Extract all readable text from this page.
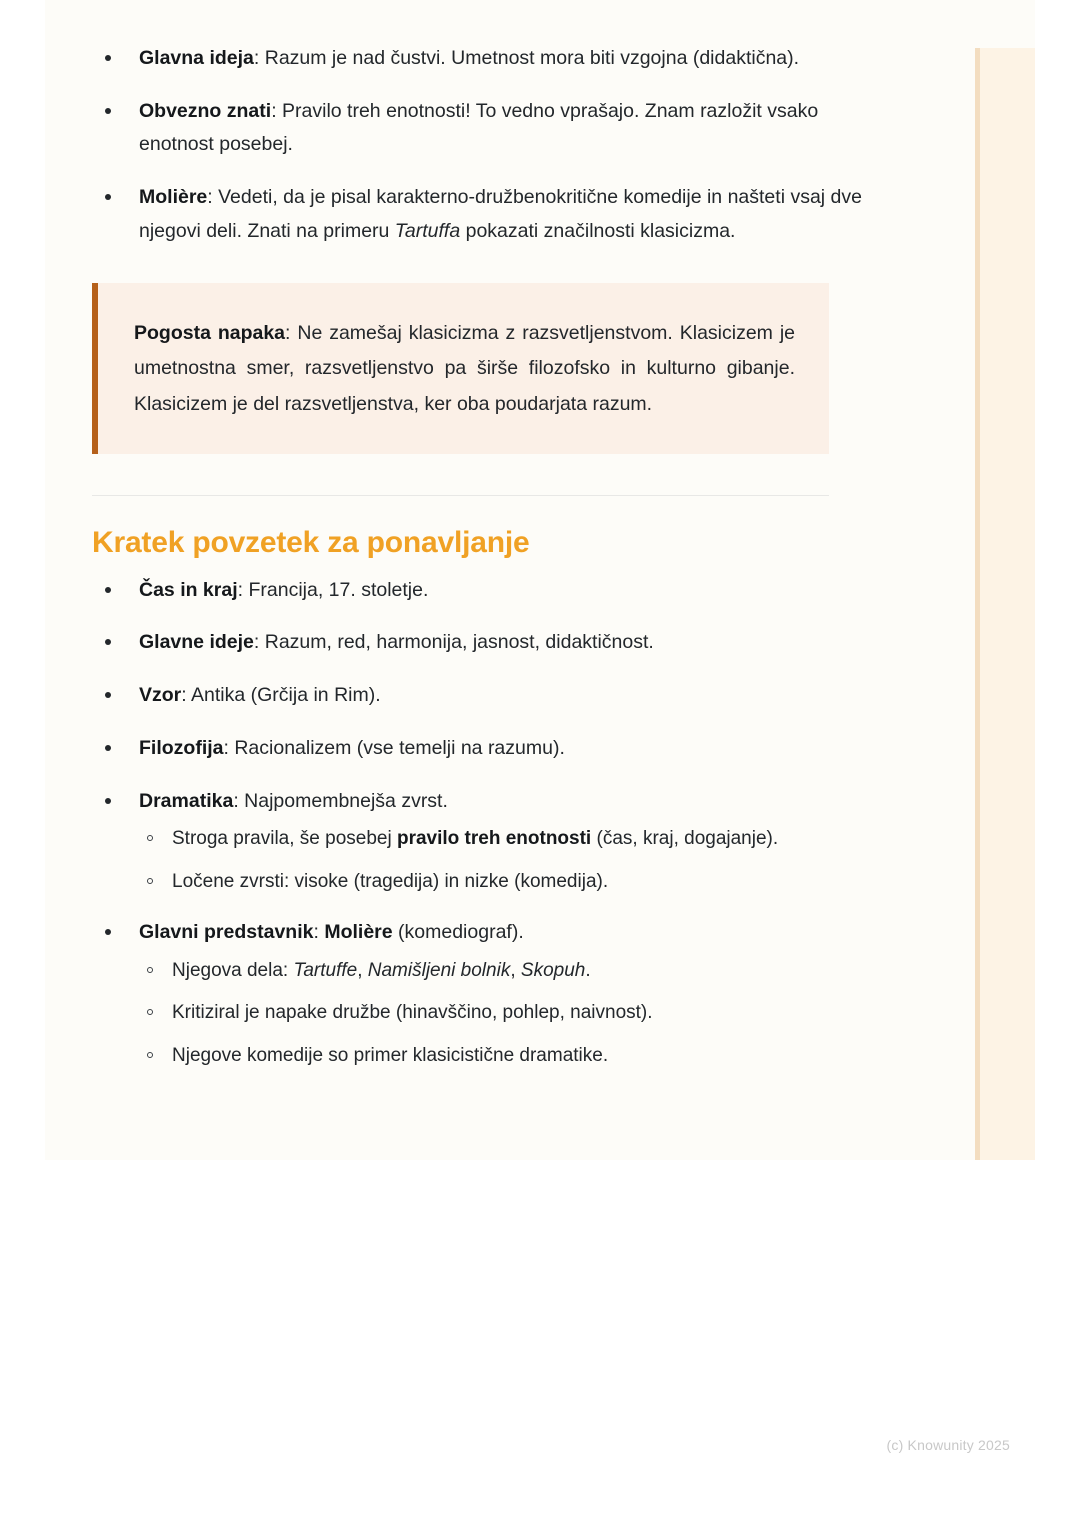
Glavna ideja: Razum je nad čustvi. Umetnost mora biti vzgojna (didaktična).
Obvezno znati: Pravilo treh enotnosti! To vedno vprašajo. Znam razložit vsako enotnost posebej.
Molière: Vedeti, da je pisal karakterno-družbenokritične komedije in našteti vsaj dve njegovi deli. Znati na primeru Tartuffa pokazati značilnosti klasicizma.

Pogosta napaka: Ne zamešaj klasicizma z razsvetljenstvom. Klasicizem je umetnostna smer, razsvetljenstvo pa širše filozofsko in kulturno gibanje. Klasicizem je del razsvetljenstva, ker oba poudarjata razum.

Kratek povzetek za ponavljanje
Čas in kraj: Francija, 17. stoletje.
Glavne ideje: Razum, red, harmonija, jasnost, didaktičnost.
Vzor: Antika (Grčija in Rim).
Filozofija: Racionalizem (vse temelji na razumu).
Dramatika: Najpomembnejša zvrst.
Stroga pravila, še posebej pravilo treh enotnosti (čas, kraj, dogajanje).
Ločene zvrsti: visoke (tragedija) in nizke (komedija).
Glavni predstavnik: Molière (komediograf).
Njegova dela: Tartuffe, Namišljeni bolnik, Skopuh.
Kritiziral je napake družbe (hinavščino, pohlep, naivnost).
Njegove komedije so primer klasicistične dramatike.
(c) Knowunity 2025
